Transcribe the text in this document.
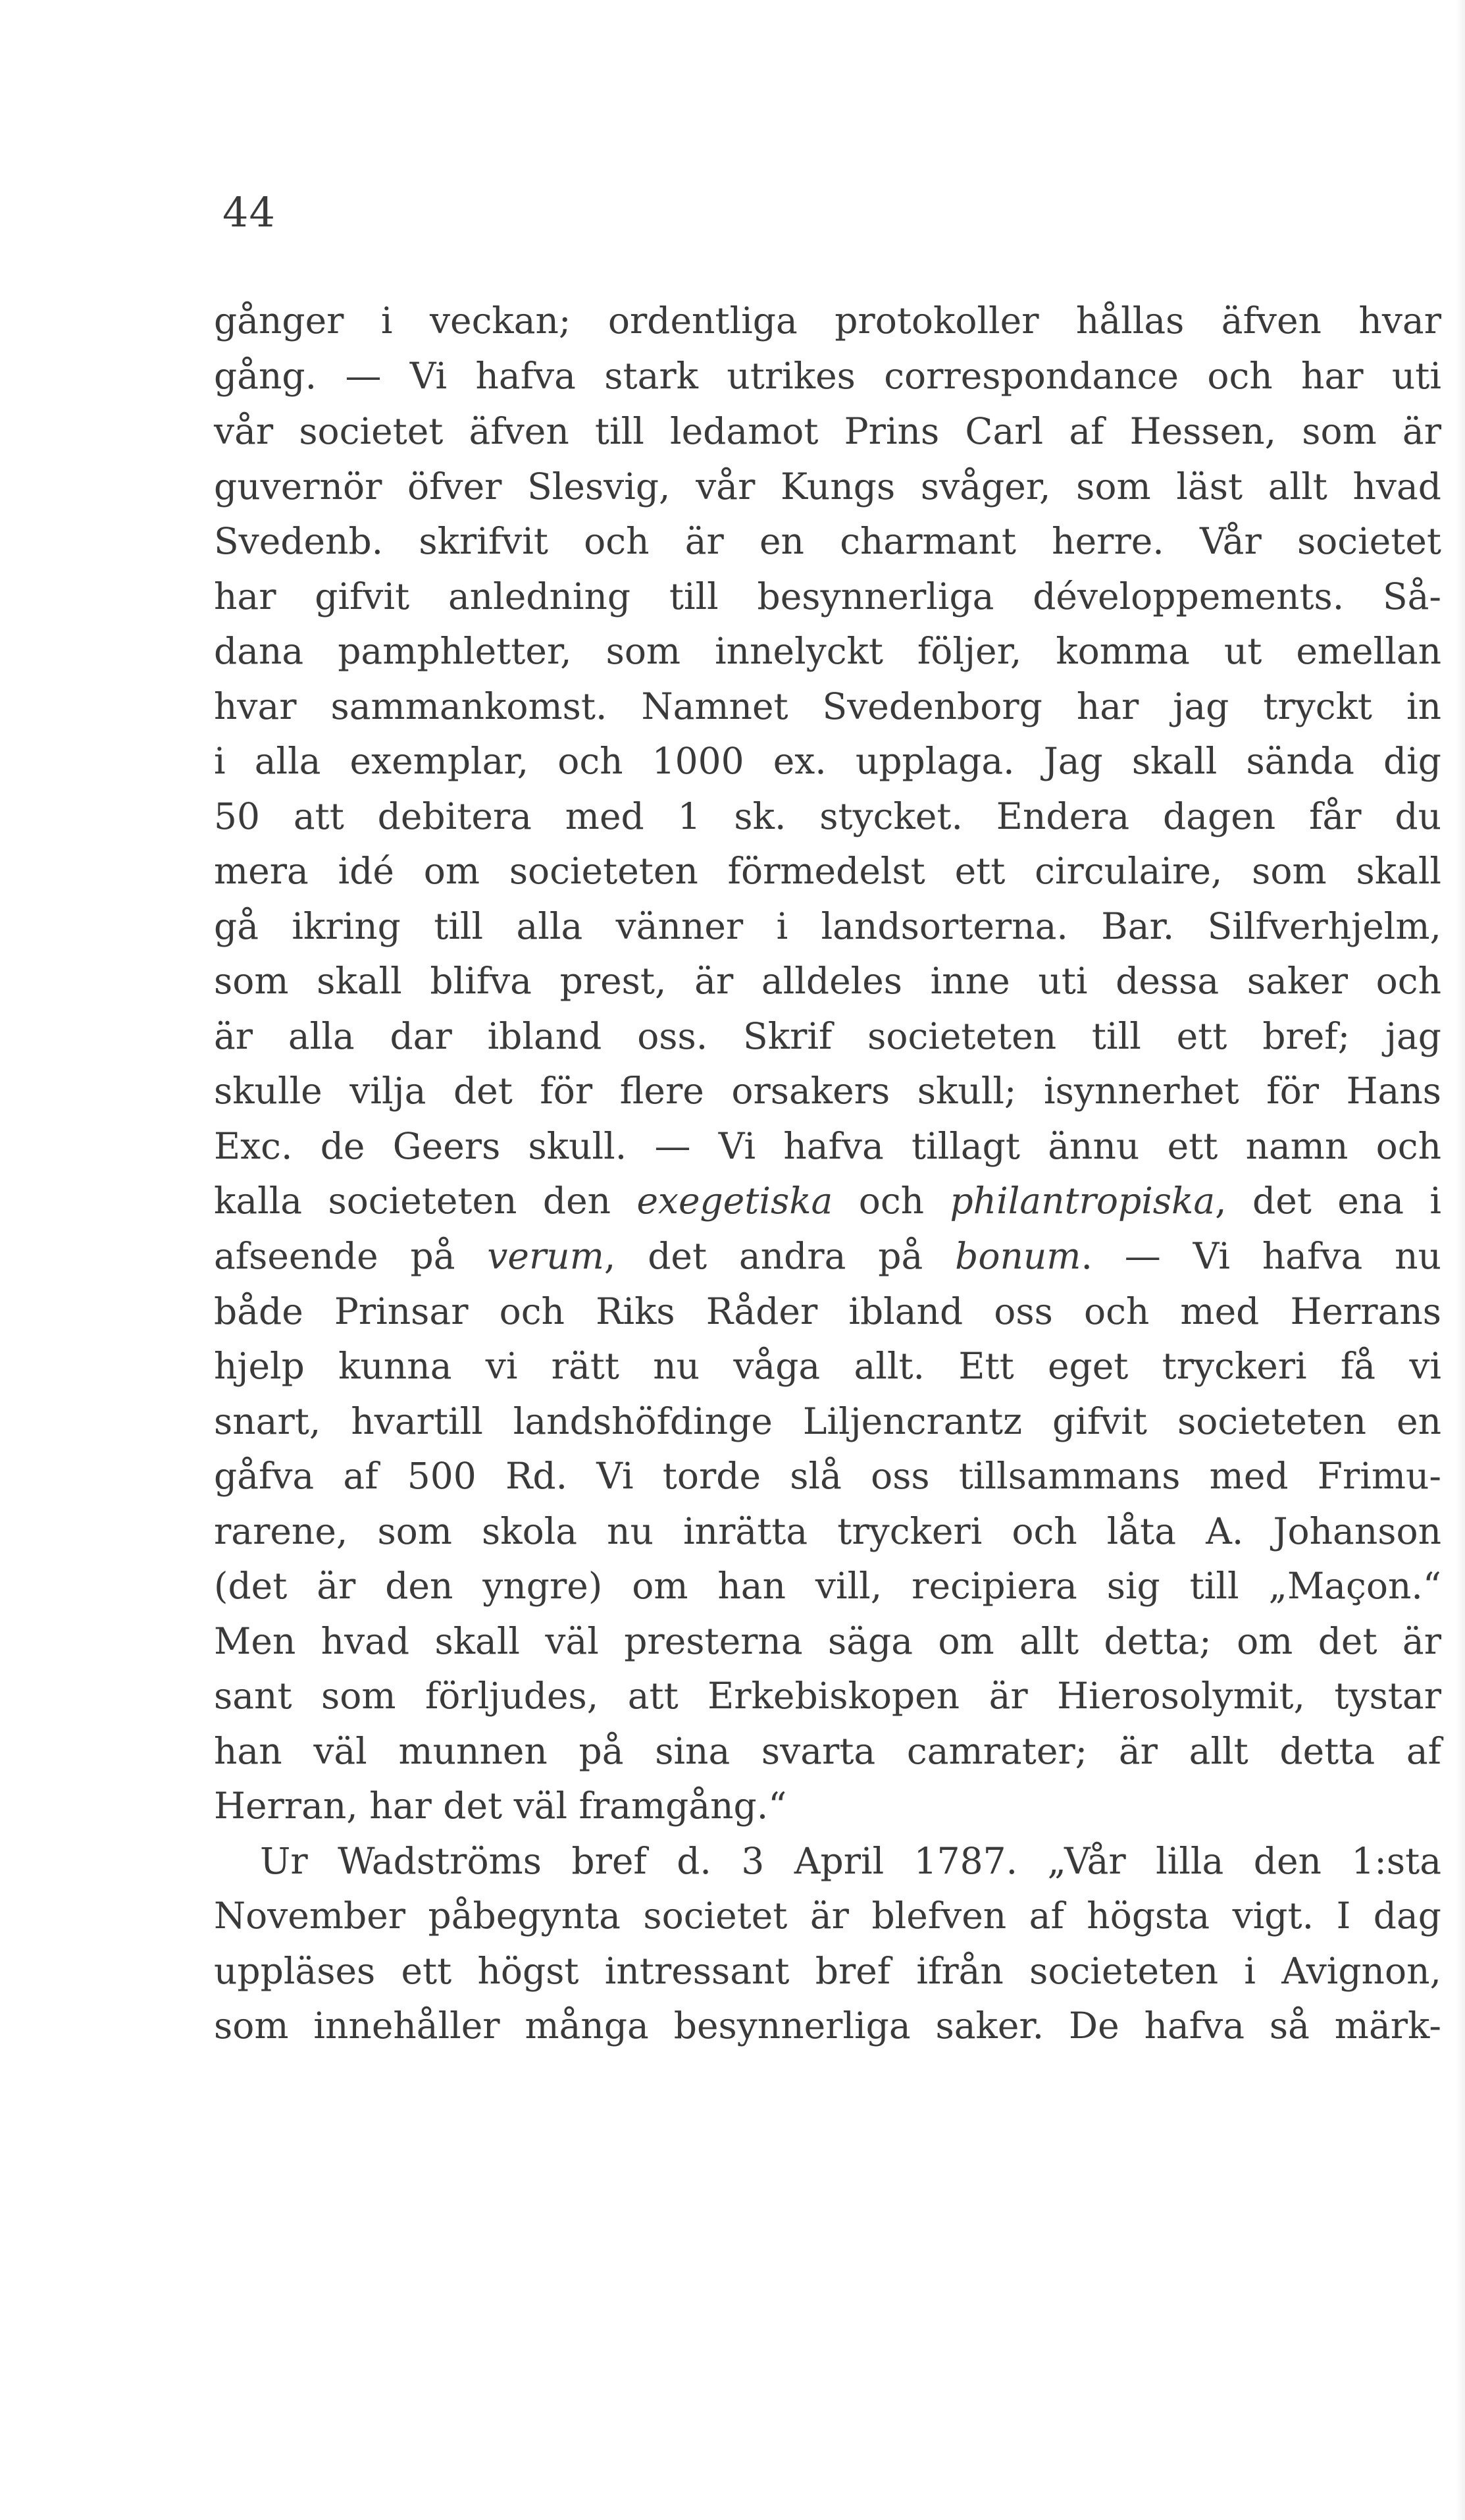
44
gånger i veckan; ordentliga protokoller hållas äfven hvar
gång. — Vi hafva stark utrikes correspondance och har uti
vår societet äfven till ledamot Prins Carl af Hessen, som är
guvernör öfver Slesvig, vår Kungs svåger, som läst allt hvad
Svedenb. skrifvit och är en charmant herre. Vår societet
har gifvit anledning till besynnerliga développements. Så-
dana pamphletter, som innelyckt följer, komma ut emellan
hvar sammankomst. Namnet Svedenborg har jag tryckt in
i alla exemplar, och 1000 ex. upplaga. Jag skall sända dig
50 att debitera med 1 sk. stycket. Endera dagen får du
mera idé om societeten förmedelst ett circulaire, som skall
gå ikring till alla vänner i landsorterna. Bar. Silfverhjelm,
som skall blifva prest, är alldeles inne uti dessa saker och
är alla dar ibland oss. Skrif societeten till ett bref; jag
skulle vilja det för flere orsakers skull; isynnerhet för Hans
Exc. de Geers skull. — Vi hafva tillagt ännu ett namn och
kalla societeten den exegetiska och philantropiska, det ena i
afseende på verum, det andra på bonum. — Vi hafva nu
både Prinsar och Riks Råder ibland oss och med Herrans
hjelp kunna vi rätt nu våga allt. Ett eget tryckeri få vi
snart, hvartill landshöfdinge Liljencrantz gifvit societeten en
gåfva af 500 Rd. Vi torde slå oss tillsammans med Frimu-
rarene, som skola nu inrätta tryckeri och låta A. Johanson
(det är den yngre) om han vill, recipiera sig till „Maçon.“
Men hvad skall väl presterna säga om allt detta; om det är
sant som förljudes, att Erkebiskopen är Hierosolymit, tystar
han väl munnen på sina svarta camrater; är allt detta af
Herran, har det väl framgång.“
Ur Wadströms bref d. 3 April 1787. „Vår lilla den 1:sta
November påbegynta societet är blefven af högsta vigt. I dag
uppläses ett högst intressant bref ifrån societeten i Avignon,
som innehåller många besynnerliga saker. De hafva så märk-
